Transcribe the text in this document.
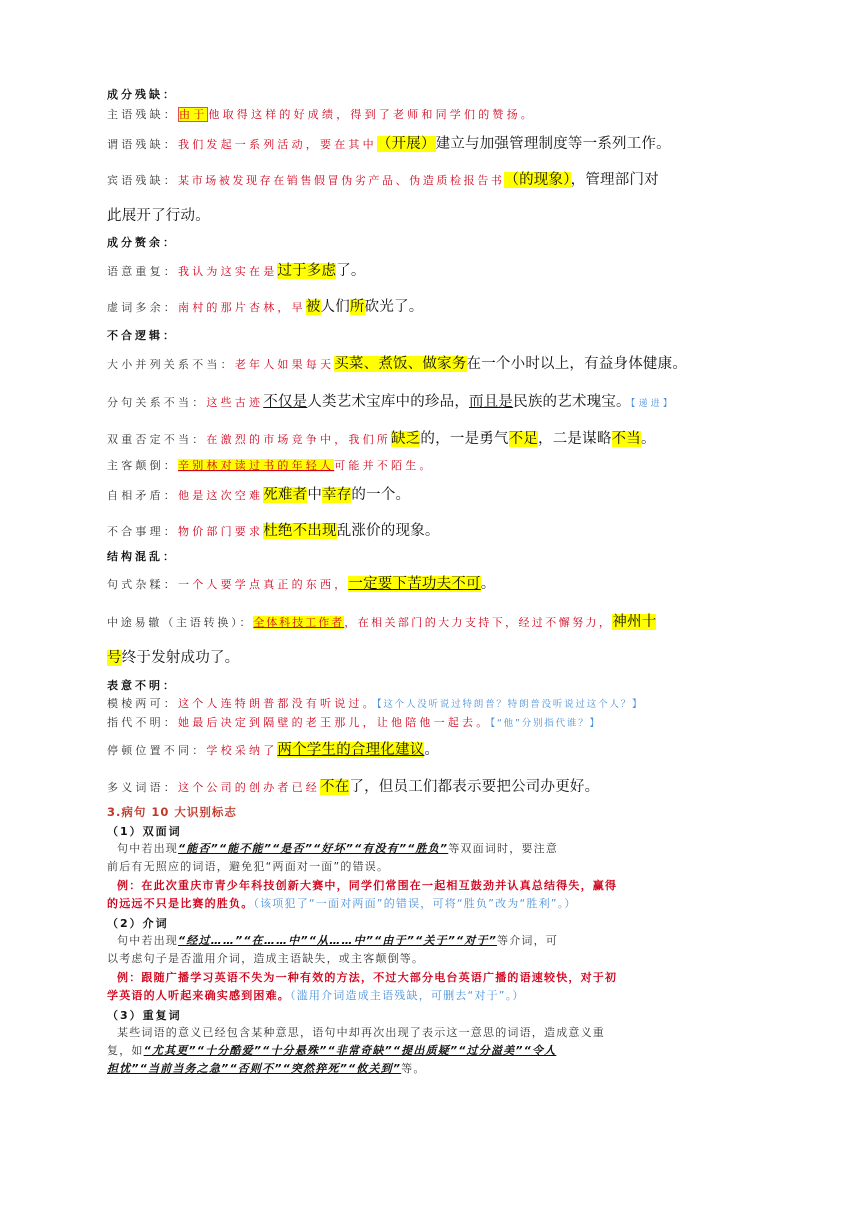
成分残缺：
主语残缺：由于他取得这样的好成绩，得到了老师和同学们的赞扬。
谓语残缺：我们发起一系列活动，要在其中（开展）建立与加强管理制度等一系列工作。
宾语残缺：某市场被发现存在销售假冒伪劣产品、伪造质检报告书（的现象），管理部门对
此展开了行动。
成分赘余：
语意重复：我认为这实在是过于多虑了。
虚词多余：南村的那片杏林，早被人们所砍光了。
不合逻辑：
大小并列关系不当：老年人如果每天买菜、煮饭、做家务在一个小时以上，有益身体健康。
分句关系不当：这些古迹不仅是人类艺术宝库中的珍品，而且是民族的艺术瑰宝。【递进】
双重否定不当：在激烈的市场竞争中，我们所缺乏的，一是勇气不足，二是谋略不当。
主客颠倒：辛别林对读过书的年轻人可能并不陌生。
自相矛盾：他是这次空难死难者中幸存的一个。
不合事理：物价部门要求杜绝不出现乱涨价的现象。
结构混乱：
句式杂糅：一个人要学点真正的东西，一定要下苦功夫不可。
中途易辙（主语转换）：全体科技工作者，在相关部门的大力支持下，经过不懈努力，神州十
号终于发射成功了。
表意不明：
模棱两可：这个人连特朗普都没有听说过。【这个人没听说过特朗普？特朗普没听说过这个人？】
指代不明：她最后决定到隔壁的老王那儿，让他陪他一起去。【“他”分别指代谁？】
停顿位置不同：学校采纳了两个学生的合理化建议。
多义词语：这个公司的创办者已经不在了，但员工们都表示要把公司办更好。
3.病句 10 大识别标志
（1）双面词
句中若出现“能否”“能不能”“是否”“好坏”“有没有”“胜负”等双面词时，要注意
前后有无照应的词语，避免犯“两面对一面”的错误。
例：在此次重庆市青少年科技创新大赛中，同学们常围在一起相互鼓劲并认真总结得失，赢得
的远远不只是比赛的胜负。（该项犯了“一面对两面”的错误，可将“胜负”改为“胜利”。）
（2）介词
句中若出现“经过……”“在……中”“从……中”“由于”“关于”“对于”等介词，可
以考虑句子是否滥用介词，造成主语缺失，或主客颠倒等。
例：跟随广播学习英语不失为一种有效的方法，不过大部分电台英语广播的语速较快，对于初
学英语的人听起来确实感到困难。（滥用介词造成主语残缺，可删去“对于”。）
（3）重复词
某些词语的意义已经包含某种意思，语句中却再次出现了表示这一意思的词语，造成意义重
复，如“尤其更”“十分酷爱”“十分悬殊”“非常奇缺”“提出质疑”“过分溢美”“令人
担忧”“当前当务之急”“否则不”“突然猝死”“攸关到”等。
